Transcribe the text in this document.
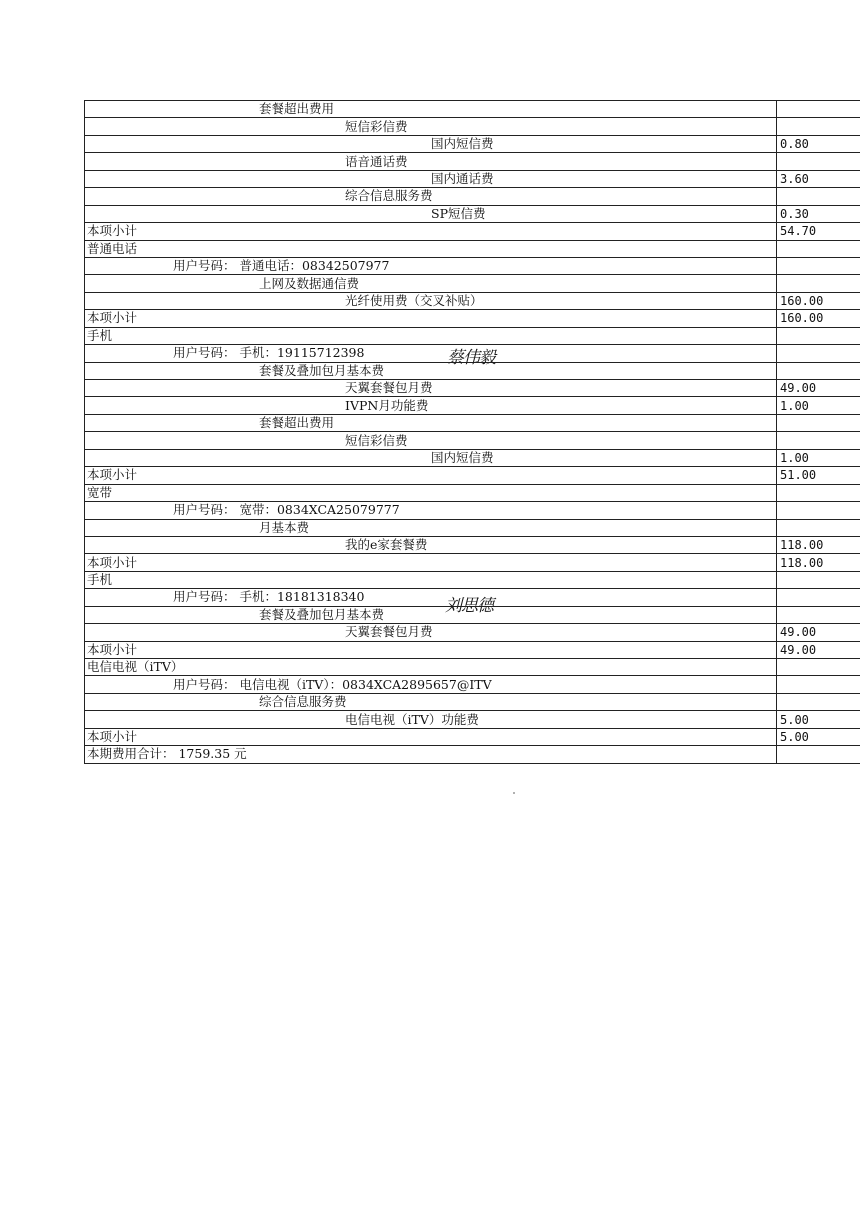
套餐超出费用	
短信彩信费	
国内短信费	0.80
语音通话费	
国内通话费	3.60
综合信息服务费	
SP短信费	0.30
本项小计	54.70
普通电话	
用户号码： 普通电话：08342507977	
上网及数据通信费	
光纤使用费（交叉补贴）	160.00
本项小计	160.00
手机	
用户号码： 手机：19115712398	
套餐及叠加包月基本费	
天翼套餐包月费	49.00
IVPN月功能费	1.00
套餐超出费用	
短信彩信费	
国内短信费	1.00
本项小计	51.00
宽带	
用户号码： 宽带：0834XCA25079777	
月基本费	
我的e家套餐费	118.00
本项小计	118.00
手机	
用户号码： 手机：18181318340	
套餐及叠加包月基本费	
天翼套餐包月费	49.00
本项小计	49.00
电信电视（iTV）	
用户号码： 电信电视（iTV）：0834XCA2895657@ITV	
综合信息服务费	
电信电视（iTV）功能费	5.00
本项小计	5.00
本期费用合计： 1759.35 元	
蔡伟毅
刘思德
